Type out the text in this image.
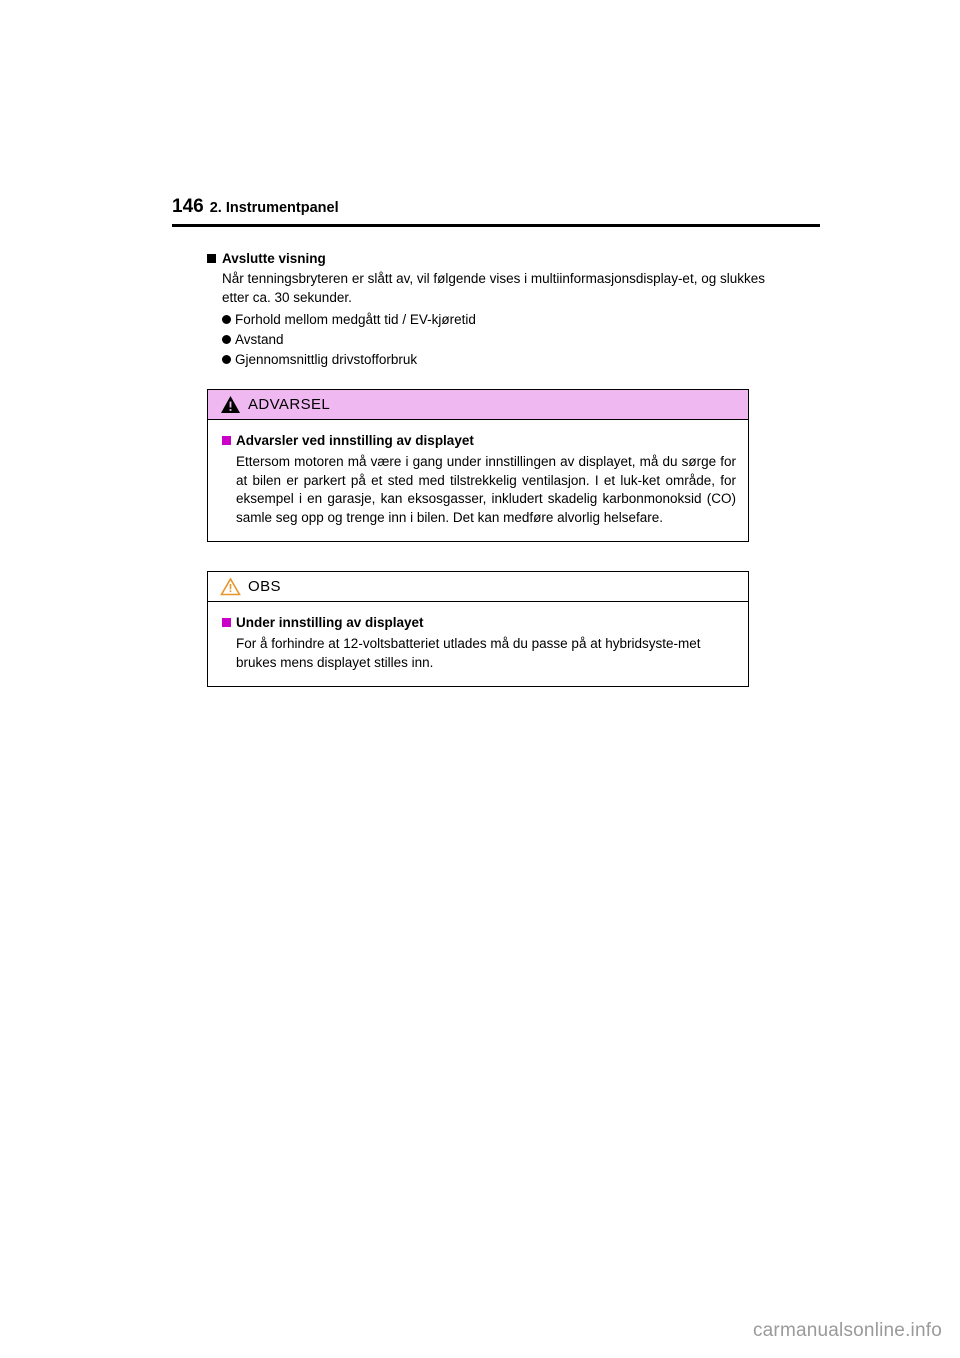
146 2. Instrumentpanel
Avslutte visning
Når tenningsbryteren er slått av, vil følgende vises i multiinformasjonsdisplay-et, og slukkes etter ca. 30 sekunder.
Forhold mellom medgått tid / EV-kjøretid
Avstand
Gjennomsnittlig drivstofforbruk
ADVARSEL
Advarsler ved innstilling av displayet
Ettersom motoren må være i gang under innstillingen av displayet, må du sørge for at bilen er parkert på et sted med tilstrekkelig ventilasjon. I et luk-ket område, for eksempel i en garasje, kan eksosgasser, inkludert skadelig karbonmonoksid (CO) samle seg opp og trenge inn i bilen. Det kan medføre alvorlig helsefare.
OBS
Under innstilling av displayet
For å forhindre at 12-voltsbatteriet utlades må du passe på at hybridsyste-met brukes mens displayet stilles inn.
carmanualsonline.info
